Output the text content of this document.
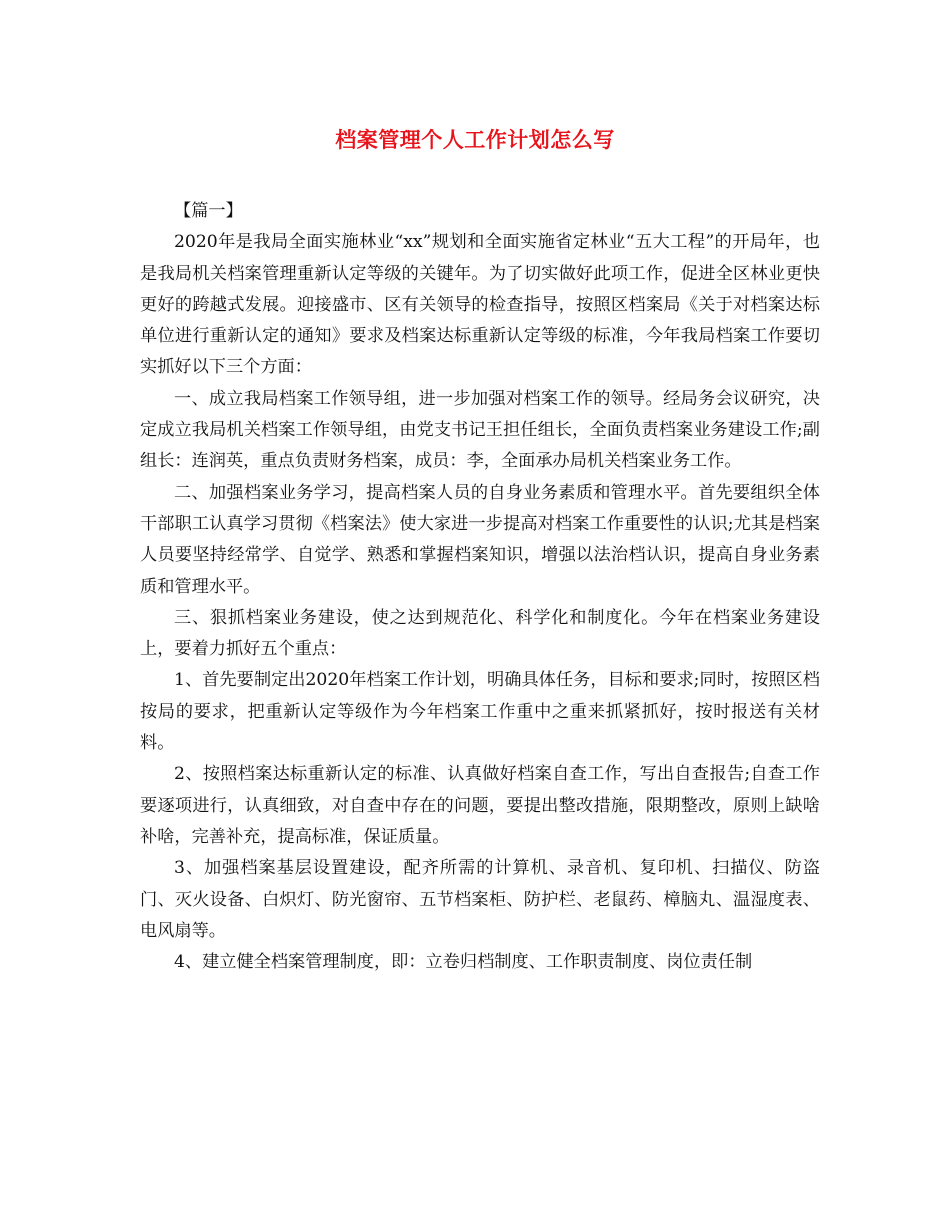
档案管理个人工作计划怎么写
【篇一】

2020年是我局全面实施林业“xx”规划和全面实施省定林业“五大工程”的开局年，也是我局机关档案管理重新认定等级的关键年。为了切实做好此项工作，促进全区林业更快更好的跨越式发展。迎接盛市、区有关领导的检查指导，按照区档案局《关于对档案达标单位进行重新认定的通知》要求及档案达标重新认定等级的标准，今年我局档案工作要切实抓好以下三个方面：

一、成立我局档案工作领导组，进一步加强对档案工作的领导。经局务会议研究，决定成立我局机关档案工作领导组，由党支书记王担任组长，全面负责档案业务建设工作;副组长：连润英，重点负责财务档案，成员：李，全面承办局机关档案业务工作。

二、加强档案业务学习，提高档案人员的自身业务素质和管理水平。首先要组织全体干部职工认真学习贯彻《档案法》使大家进一步提高对档案工作重要性的认识;尤其是档案人员要坚持经常学、自觉学、熟悉和掌握档案知识，增强以法治档认识，提高自身业务素质和管理水平。

三、狠抓档案业务建设，使之达到规范化、科学化和制度化。今年在档案业务建设上，要着力抓好五个重点：

1、首先要制定出2020年档案工作计划，明确具体任务，目标和要求;同时，按照区档按局的要求，把重新认定等级作为今年档案工作重中之重来抓紧抓好，按时报送有关材料。

2、按照档案达标重新认定的标准、认真做好档案自查工作，写出自查报告;自查工作要逐项进行，认真细致，对自查中存在的问题，要提出整改措施，限期整改，原则上缺啥补啥，完善补充，提高标准，保证质量。

3、加强档案基层设置建设，配齐所需的计算机、录音机、复印机、扫描仪、防盗门、灭火设备、白炽灯、防光窗帘、五节档案柜、防护栏、老鼠药、樟脑丸、温湿度表、电风扇等。

4、建立健全档案管理制度，即：立卷归档制度、工作职责制度、岗位责任制
